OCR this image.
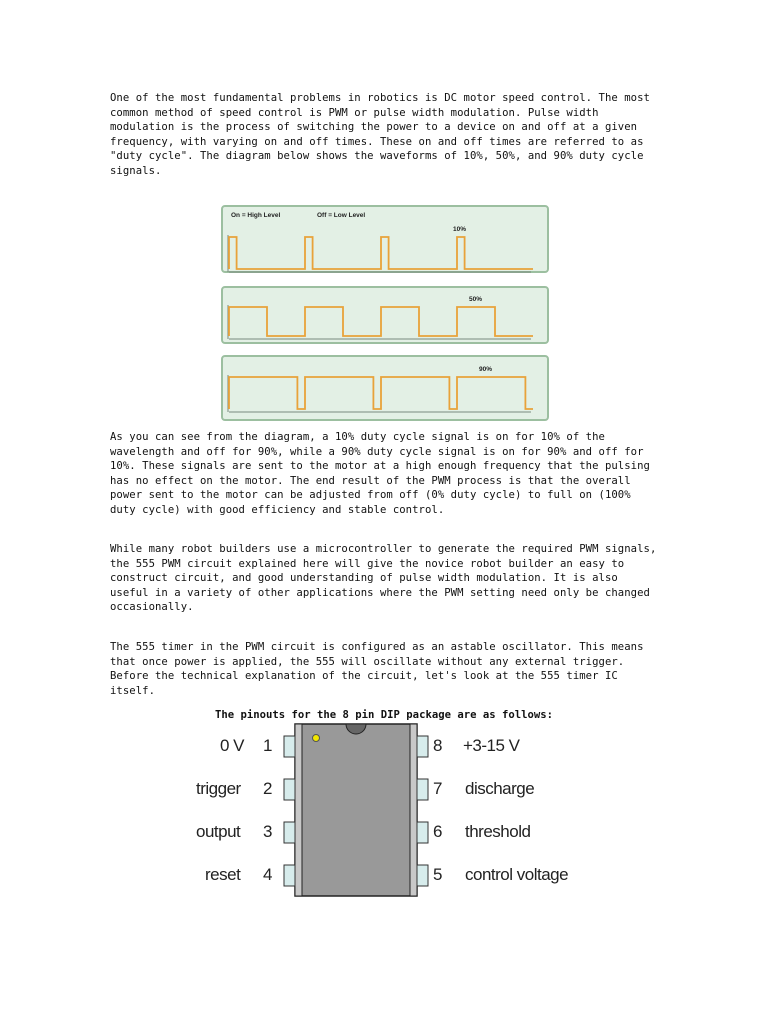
One of the most fundamental problems in robotics is DC motor speed control. The most common method of speed control is PWM or pulse width modulation. Pulse width modulation is the process of switching the power to a device on and off at a given frequency, with varying on and off times. These on and off times are referred to as "duty cycle". The diagram below shows the waveforms of 10%, 50%, and 90% duty cycle signals.

On = High Level	Off = Low Level
10%
50%
90%

As you can see from the diagram, a 10% duty cycle signal is on for 10% of the wavelength and off for 90%, while a 90% duty cycle signal is on for 90% and off for 10%. These signals are sent to the motor at a high enough frequency that the pulsing has no effect on the motor. The end result of the PWM process is that the overall power sent to the motor can be adjusted from off (0% duty cycle) to full on (100% duty cycle) with good efficiency and stable control.

While many robot builders use a microcontroller to generate the required PWM signals, the 555 PWM circuit explained here will give the novice robot builder an easy to construct circuit, and good understanding of pulse width modulation. It is also useful in a variety of other applications where the PWM setting need only be changed occasionally.

The 555 timer in the PWM circuit is configured as an astable oscillator. This means that once power is applied, the 555 will oscillate without any external trigger. Before the technical explanation of the circuit, let's look at the 555 timer IC itself.

The pinouts for the 8 pin DIP package are as follows:
0 V 1
trigger 2
output 3
reset 4
8 +3-15 V
7 discharge
6 threshold
5 control voltage
